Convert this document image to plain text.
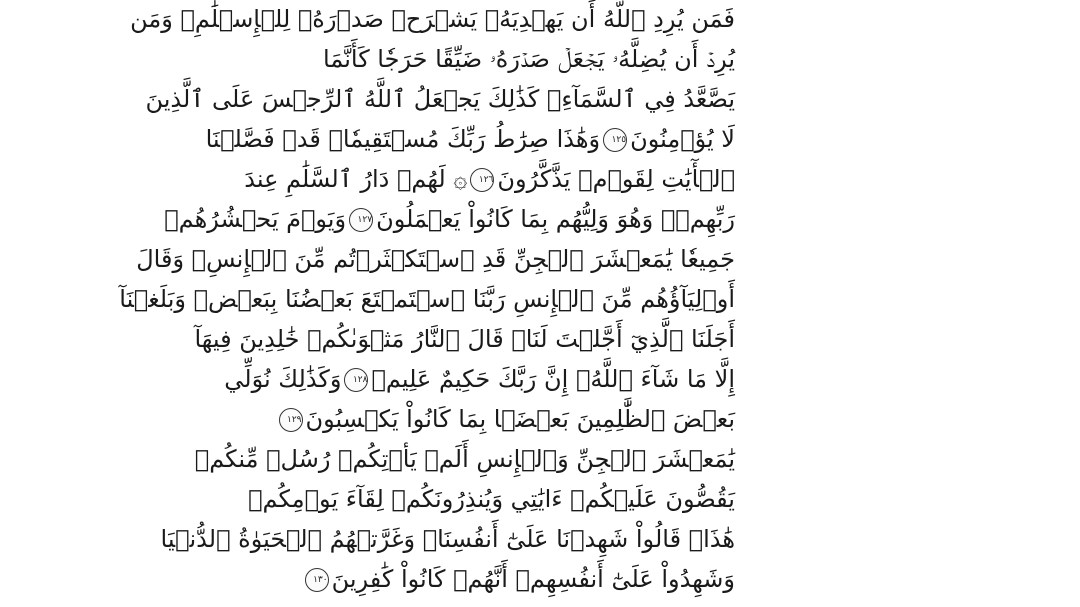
فَمَن يُرِدِ ٱللَّهُ أَن يَهۡدِيَهُۥ يَشۡرَحۡ صَدۡرَهُۥ لِلۡإِسۡلَٰمِۖ وَمَن
يُرِدۡ أَن يُضِلَّهُۥ يَجۡعَلۡ صَدۡرَهُۥ ضَيِّقًا حَرَجٗا كَأَنَّمَا
يَصَّعَّدُ فِي ٱلسَّمَآءِۚ كَذَٰلِكَ يَجۡعَلُ ٱللَّهُ ٱلرِّجۡسَ عَلَى ٱلَّذِينَ
لَا يُؤۡمِنُونَ١٢٥وَهَٰذَا صِرَٰطُ رَبِّكَ مُسۡتَقِيمٗاۗ قَدۡ فَصَّلۡنَا
ٱلۡأٓيَٰتِ لِقَوۡمٖ يَذَّكَّرُونَ١٢٦۞ لَهُمۡ دَارُ ٱلسَّلَٰمِ عِندَ
رَبِّهِمۡۖ وَهُوَ وَلِيُّهُم بِمَا كَانُواْ يَعۡمَلُونَ١٢٧وَيَوۡمَ يَحۡشُرُهُمۡ
جَمِيعٗا يَٰمَعۡشَرَ ٱلۡجِنِّ قَدِ ٱسۡتَكۡثَرۡتُم مِّنَ ٱلۡإِنسِۖ وَقَالَ
أَوۡلِيَآؤُهُم مِّنَ ٱلۡإِنسِ رَبَّنَا ٱسۡتَمۡتَعَ بَعۡضُنَا بِبَعۡضٖ وَبَلَغۡنَآ
أَجَلَنَا ٱلَّذِيٓ أَجَّلۡتَ لَنَاۚ قَالَ ٱلنَّارُ مَثۡوَىٰكُمۡ خَٰلِدِينَ فِيهَآ
إِلَّا مَا شَآءَ ٱللَّهُۚ إِنَّ رَبَّكَ حَكِيمٌ عَلِيمٞ١٢٨وَكَذَٰلِكَ نُوَلِّي
بَعۡضَ ٱلظَّٰلِمِينَ بَعۡضَۢا بِمَا كَانُواْ يَكۡسِبُونَ١٢٩
يَٰمَعۡشَرَ ٱلۡجِنِّ وَٱلۡإِنسِ أَلَمۡ يَأۡتِكُمۡ رُسُلٞ مِّنكُمۡ
يَقُصُّونَ عَلَيۡكُمۡ ءَايَٰتِي وَيُنذِرُونَكُمۡ لِقَآءَ يَوۡمِكُمۡ
هَٰذَاۚ قَالُواْ شَهِدۡنَا عَلَىٰٓ أَنفُسِنَاۖ وَغَرَّتۡهُمُ ٱلۡحَيَوٰةُ ٱلدُّنۡيَا
وَشَهِدُواْ عَلَىٰٓ أَنفُسِهِمۡ أَنَّهُمۡ كَانُواْ كَٰفِرِينَ١٣٠
